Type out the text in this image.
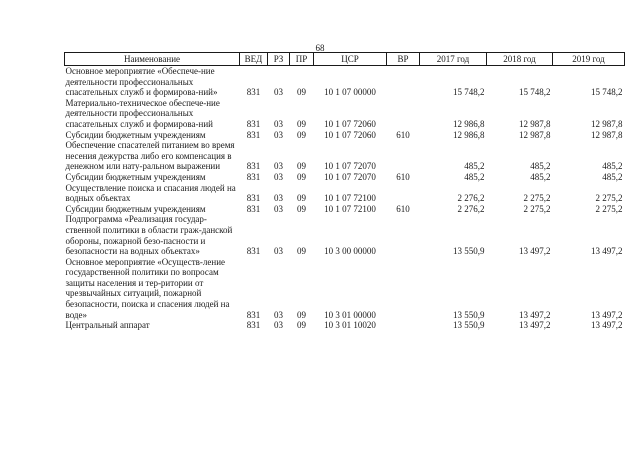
68
Наименование	ВЕД	РЗ	ПР	ЦСР	ВР	2017 год	2018 год	2019 год
Основное мероприятие «Обеспече-ние деятельности профессиональных спасательных служб и формирова-ний»	831	03	09	10 1 07 00000		15 748,2	15 748,2	15 748,2
Материально-техническое обеспече-ние деятельности профессиональных спасательных служб и формирова-ний	831	03	09	10 1 07 72060		12 986,8	12 987,8	12 987,8
Субсидии бюджетным учреждениям	831	03	09	10 1 07 72060	610	12 986,8	12 987,8	12 987,8
Обеспечение спасателей питанием во время несения дежурства либо его компенсация в денежном или нату-ральном выражении	831	03	09	10 1 07 72070		485,2	485,2	485,2
Субсидии бюджетным учреждениям	831	03	09	10 1 07 72070	610	485,2	485,2	485,2
Осуществление поиска и спасания людей на водных объектах	831	03	09	10 1 07 72100		2 276,2	2 275,2	2 275,2
Субсидии бюджетным учреждениям	831	03	09	10 1 07 72100	610	2 276,2	2 275,2	2 275,2
Подпрограмма «Реализация государ-ственной политики в области граж-данской обороны, пожарной безо-пасности и безопасности на водных объектах»	831	03	09	10 3 00 00000		13 550,9	13 497,2	13 497,2
Основное мероприятие «Осуществ-ление государственной политики по вопросам защиты населения и тер-ритории от чрезвычайных ситуаций, пожарной безопасности, поиска и спасения людей на воде»	831	03	09	10 3 01 00000		13 550,9	13 497,2	13 497,2
Центральный аппарат	831	03	09	10 3 01 10020		13 550,9	13 497,2	13 497,2
